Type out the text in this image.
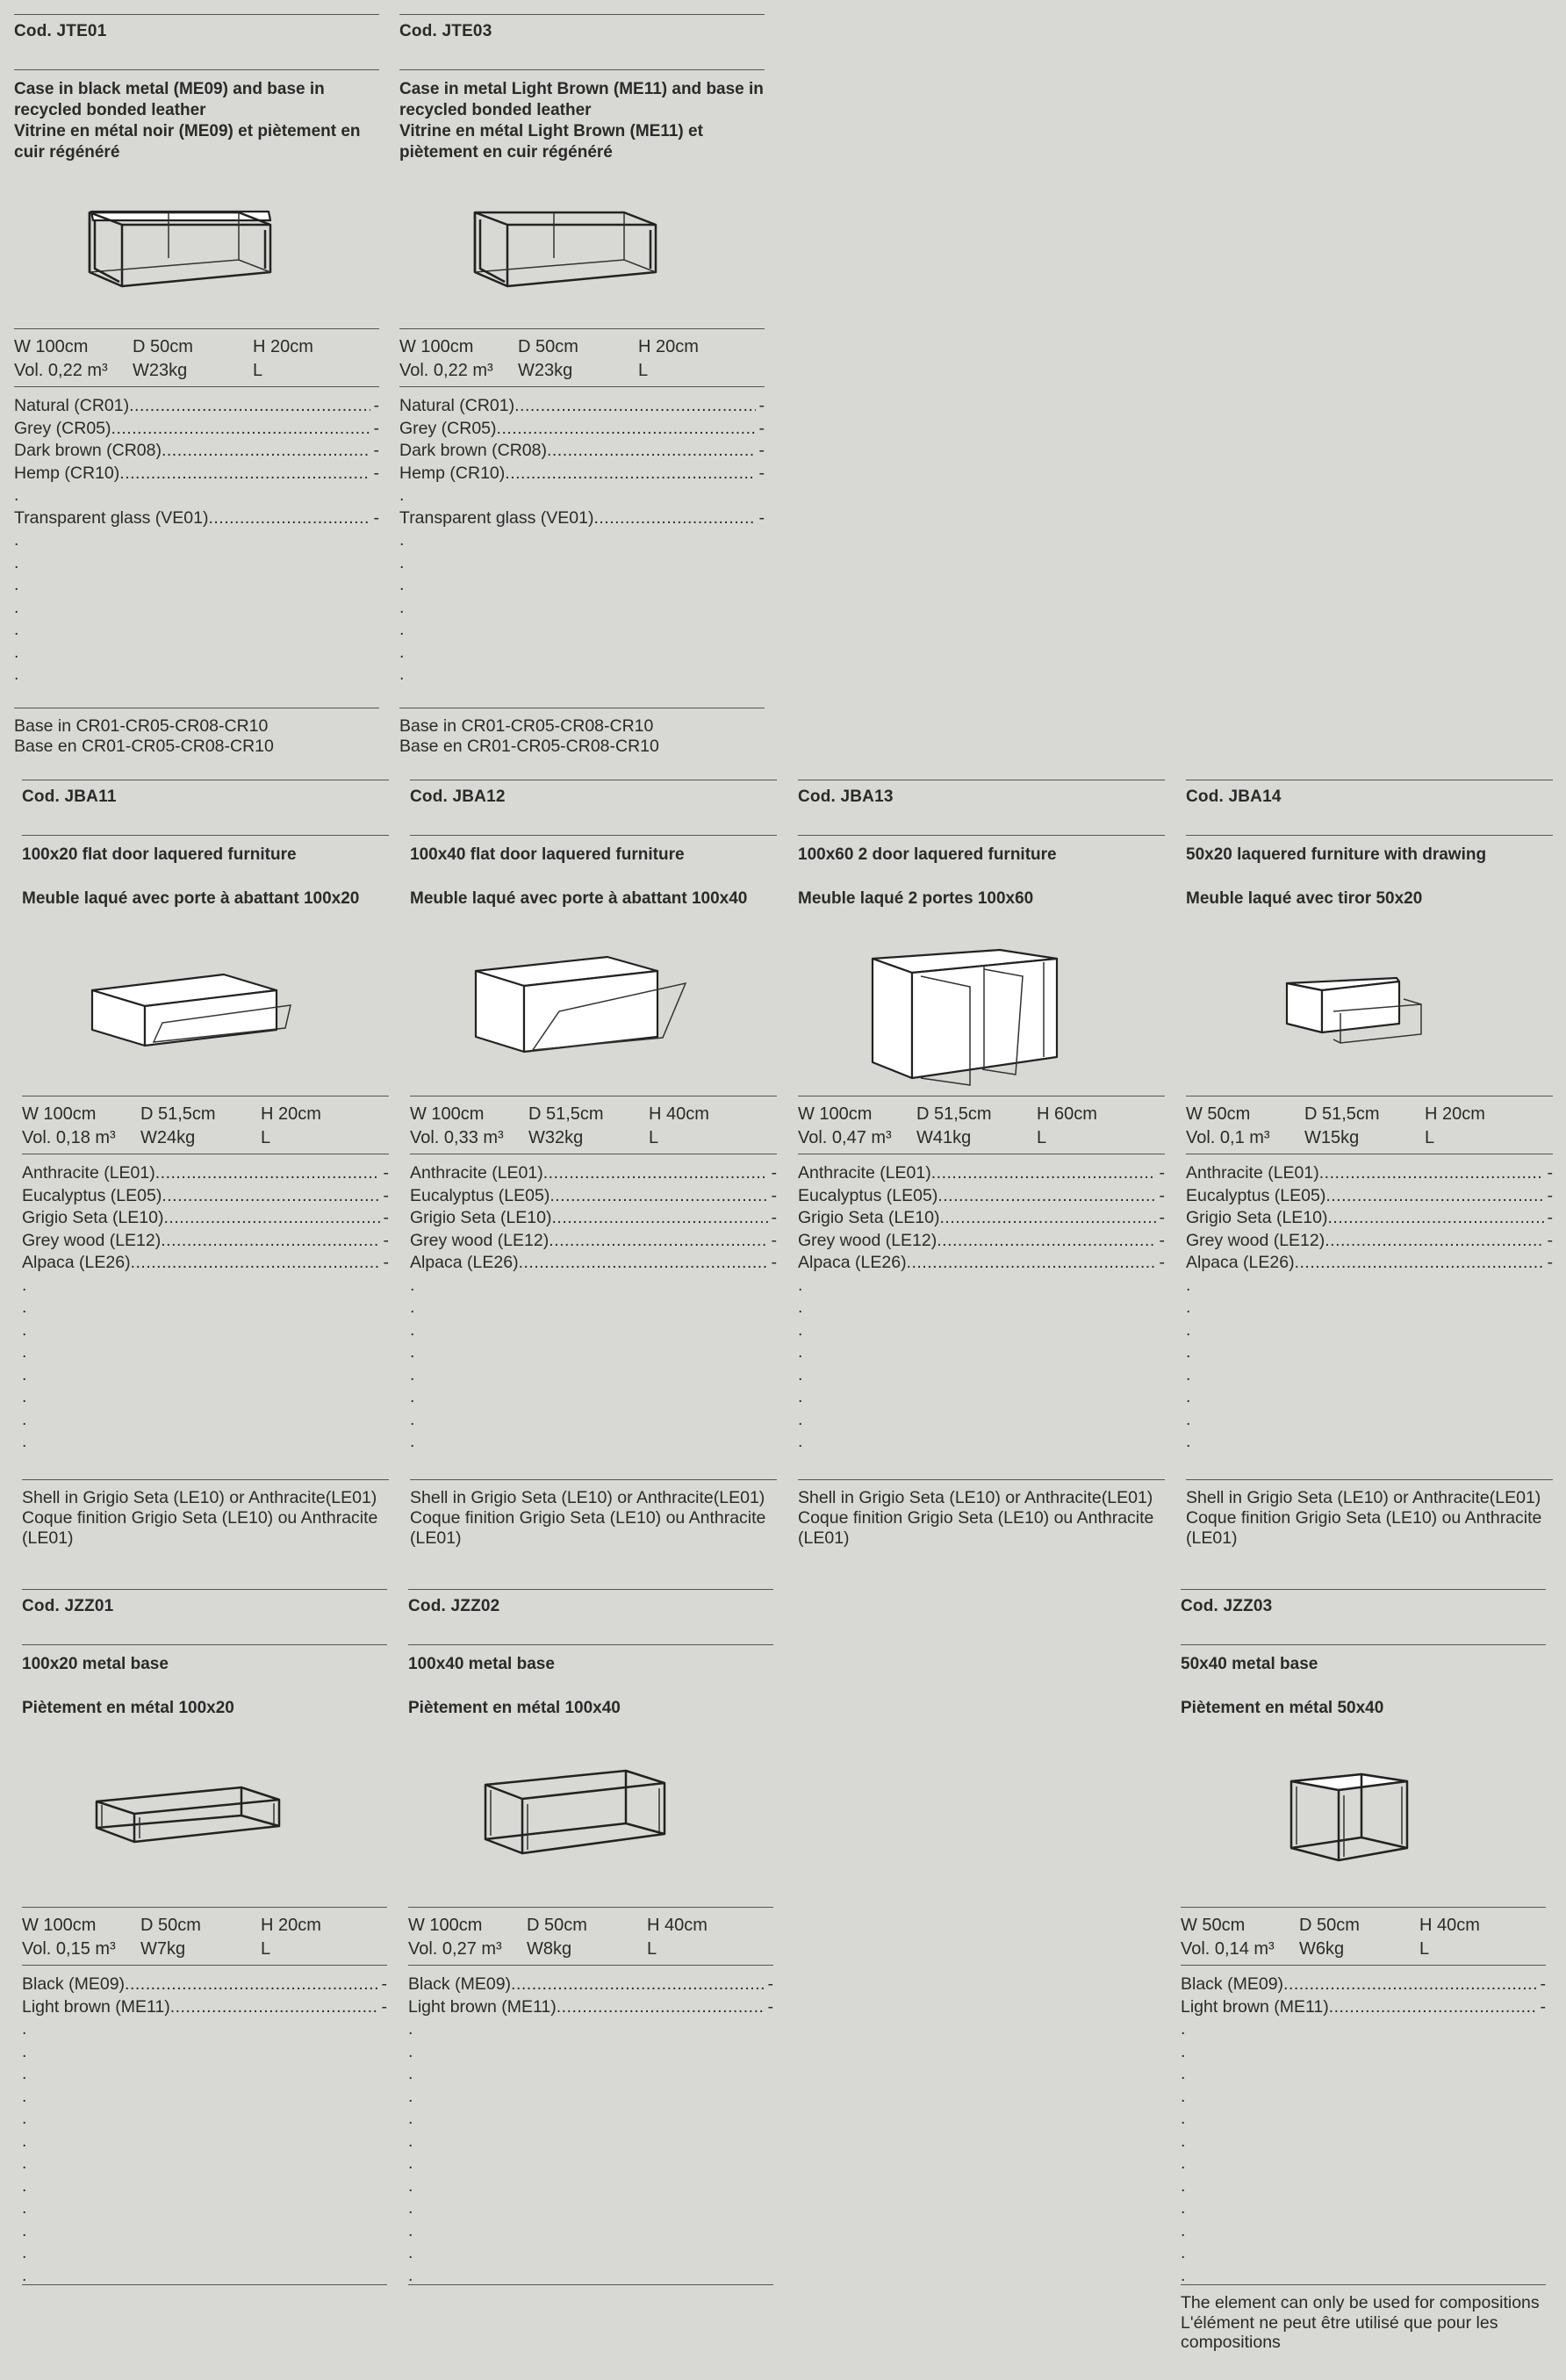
Cod. JTE01

Case in black metal (ME09) and base in recycled bonded leather

Vitrine en métal noir (ME09) et piètement en cuir régénéré

W 100cm	D 50cm	H 20cm
Vol. 0,22 m³	W23kg	L
Natural (CR01) .....	-
Grey (CR05) .....	-
Dark brown (CR08) .....	-
Hemp (CR10) .....	-
.
Transparent glass (VE01) .....	-
.
.
.
.
.
.
.

Base in CR01-CR05-CR08-CR10

Base en CR01-CR05-CR08-CR10

Cod. JTE03

Case in metal Light Brown (ME11) and base in recycled bonded leather

Vitrine en métal Light Brown (ME11) et piètement en cuir régénéré

W 100cm	D 50cm	H 20cm
Vol. 0,22 m³	W23kg	L
Natural (CR01) .....	-
Grey (CR05) .....	-
Dark brown (CR08) .....	-
Hemp (CR10) .....	-
.
Transparent glass (VE01) .....	-
.
.
.
.
.
.
.

Base in CR01-CR05-CR08-CR10

Base en CR01-CR05-CR08-CR10

Cod. JBA11

100x20 flat door laquered furniture

Meuble laqué avec porte à abattant 100x20

W 100cm	D 51,5cm	H 20cm
Vol. 0,18 m³	W24kg	L
Anthracite (LE01) .....	-
Eucalyptus (LE05) .....	-
Grigio Seta (LE10) .....	-
Grey wood (LE12) .....	-
Alpaca (LE26) .....	-
.
.
.
.
.
.
.
.

Shell in Grigio Seta (LE10) or Anthracite(LE01)

Coque finition Grigio Seta (LE10) ou Anthracite (LE01)

Cod. JBA12

100x40 flat door laquered furniture

Meuble laqué avec porte à abattant 100x40

W 100cm	D 51,5cm	H 40cm
Vol. 0,33 m³	W32kg	L
Anthracite (LE01) .....	-
Eucalyptus (LE05) .....	-
Grigio Seta (LE10) .....	-
Grey wood (LE12) .....	-
Alpaca (LE26) .....	-
.
.
.
.
.
.
.
.

Shell in Grigio Seta (LE10) or Anthracite(LE01)

Coque finition Grigio Seta (LE10) ou Anthracite (LE01)

Cod. JBA13

100x60 2 door laquered furniture

Meuble laqué 2 portes 100x60

W 100cm	D 51,5cm	H 60cm
Vol. 0,47 m³	W41kg	L
Anthracite (LE01) .....	-
Eucalyptus (LE05) .....	-
Grigio Seta (LE10) .....	-
Grey wood (LE12) .....	-
Alpaca (LE26) .....	-
.
.
.
.
.
.
.
.

Shell in Grigio Seta (LE10) or Anthracite(LE01)

Coque finition Grigio Seta (LE10) ou Anthracite (LE01)

Cod. JBA14

50x20 laquered furniture with drawing

Meuble laqué avec tiror 50x20

W 50cm	D 51,5cm	H 20cm
Vol. 0,1 m³	W15kg	L
Anthracite (LE01) .....	-
Eucalyptus (LE05) .....	-
Grigio Seta (LE10) .....	-
Grey wood (LE12) .....	-
Alpaca (LE26) .....	-
.
.
.
.
.
.
.
.

Shell in Grigio Seta (LE10) or Anthracite(LE01)

Coque finition Grigio Seta (LE10) ou Anthracite (LE01)

Cod. JZZ01

100x20 metal base

Piètement en métal 100x20

W 100cm	D 50cm	H 20cm
Vol. 0,15 m³	W7kg	L
Black (ME09) .....	-
Light brown (ME11) .....	-
.
.
.
.
.
.
.
.
.
.
.
.
Cod. JZZ02

100x40 metal base

Piètement en métal 100x40

W 100cm	D 50cm	H 40cm
Vol. 0,27 m³	W8kg	L
Black (ME09) .....	-
Light brown (ME11) .....	-
.
.
.
.
.
.
.
.
.
.
.
.
Cod. JZZ03

50x40 metal base

Piètement en métal 50x40

W 50cm	D 50cm	H 40cm
Vol. 0,14 m³	W6kg	L
Black (ME09) .....	-
Light brown (ME11) .....	-
.
.
.
.
.
.
.
.
.
.
.
.

The element can only be used for compositions

L'élément ne peut être utilisé que pour les compositions
